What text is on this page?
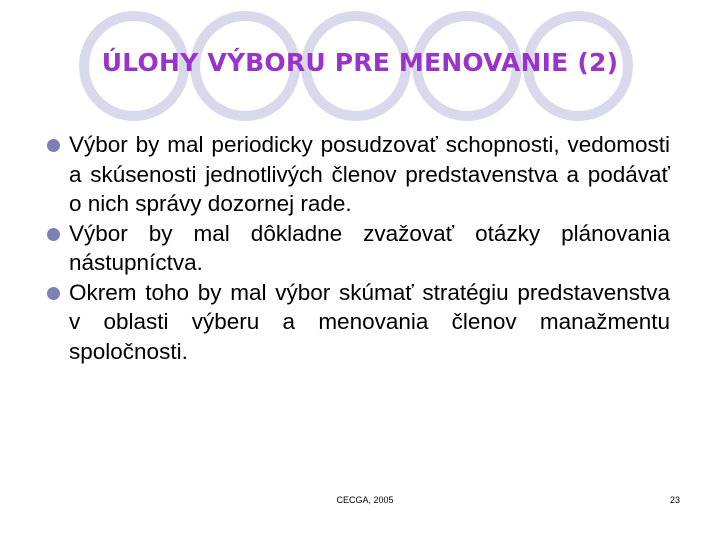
ÚLOHY VÝBORU PRE MENOVANIE (2)
Výbor by mal periodicky posudzovať schopnosti, vedomosti a skúsenosti jednotlivých členov predstavenstva a podávať o nich správy dozornej rade.
Výbor by mal dôkladne zvažovať otázky plánovania nástupníctva.
Okrem toho by mal výbor skúmať stratégiu predstavenstva v oblasti výberu a menovania členov manažmentu spoločnosti.
CECGA, 2005	23
